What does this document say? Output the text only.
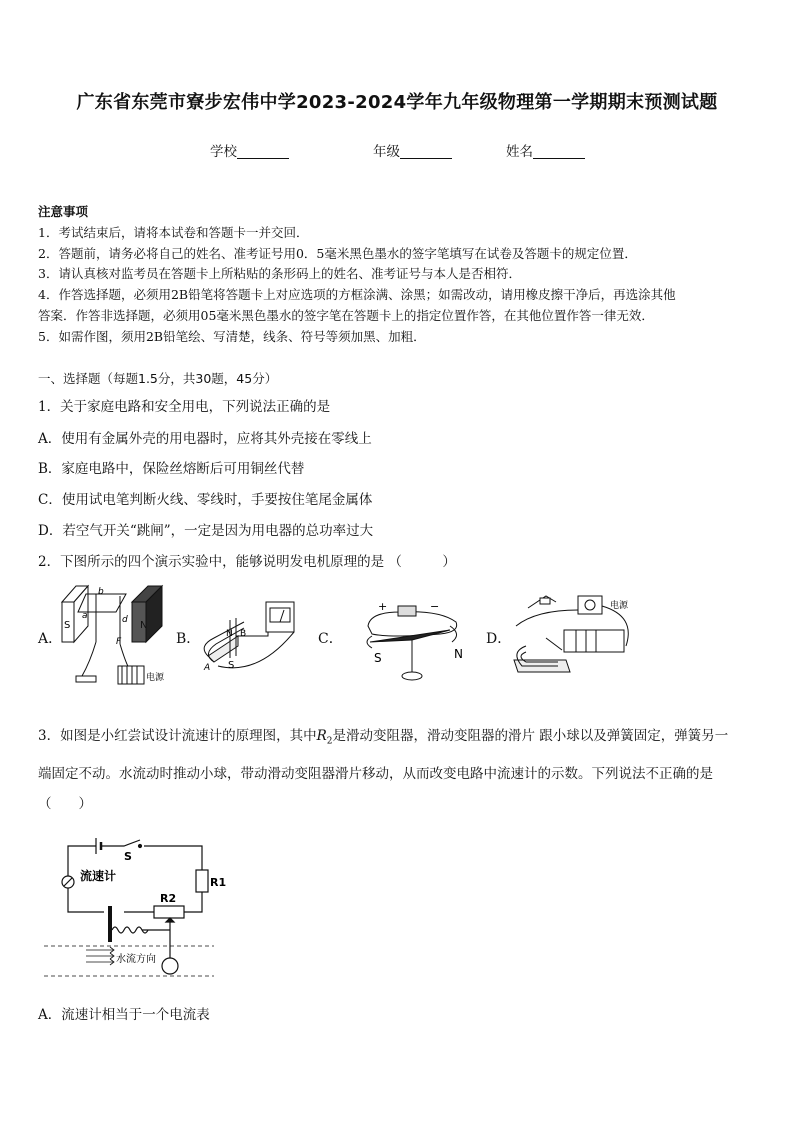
广东省东莞市寮步宏伟中学2023-2024学年九年级物理第一学期期末预测试题
学校	年级	姓名
注意事项
1．考试结束后，请将本试卷和答题卡一并交回．
2．答题前，请务必将自己的姓名、准考证号用0．5毫米黑色墨水的签字笔填写在试卷及答题卡的规定位置．
3．请认真核对监考员在答题卡上所粘贴的条形码上的姓名、准考证号与本人是否相符．
4．作答选择题，必须用2B铅笔将答题卡上对应选项的方框涂满、涂黑；如需改动，请用橡皮擦干净后，再选涂其他
答案．作答非选择题，必须用05毫米黑色墨水的签字笔在答题卡上的指定位置作答，在其他位置作答一律无效．
5．如需作图，须用2B铅笔绘、写清楚，线条、符号等须加黑、加粗．
一、选择题（每题1.5分，共30题，45分）
1．关于家庭电路和安全用电，下列说法正确的是
A．使用有金属外壳的用电器时，应将其外壳接在零线上
B．家庭电路中，保险丝熔断后可用铜丝代替
C．使用试电笔判断火线、零线时，手要按住笔尾金属体
D．若空气开关“跳闸”，一定是因为用电器的总功率过大
2．下图所示的四个演示实验中，能够说明发电机原理的是 （　　　）
A．	B．	C．	D．
S	N
a
b
d
F
电源
N B
A S
+	−
S	N
电源
3．如图是小红尝试设计流速计的原理图，其中$R_2$是滑动变阻器，滑动变阻器的滑片 跟小球以及弹簧固定，弹簧另一
端固定不动。水流动时推动小球，带动滑动变阻器滑片移动，从而改变电路中流速计的示数。下列说法不正确的是
（　　）
S
流速计	R1
R2
水流方向
A．流速计相当于一个电流表
